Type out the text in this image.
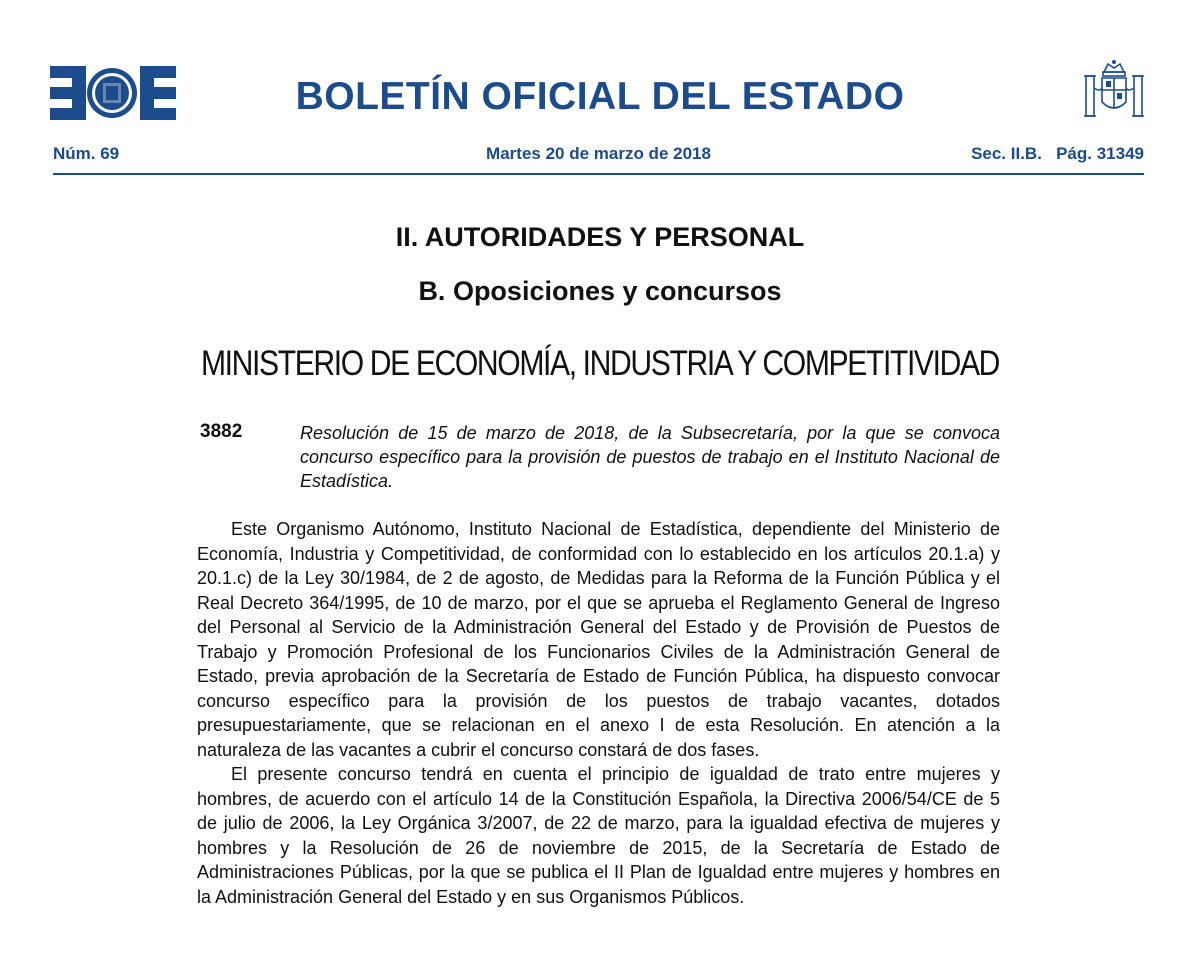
BOLETÍN OFICIAL DEL ESTADO
Núm. 69	Martes 20 de marzo de 2018	Sec. II.B.   Pág. 31349
II. AUTORIDADES Y PERSONAL
B. Oposiciones y concursos
MINISTERIO DE ECONOMÍA, INDUSTRIA Y COMPETITIVIDAD
3882	Resolución de 15 de marzo de 2018, de la Subsecretaría, por la que se convoca concurso específico para la provisión de puestos de trabajo en el Instituto Nacional de Estadística.

Este Organismo Autónomo, Instituto Nacional de Estadística, dependiente del Ministerio de Economía, Industria y Competitividad, de conformidad con lo establecido en los artículos 20.1.a) y 20.1.c) de la Ley 30/1984, de 2 de agosto, de Medidas para la Reforma de la Función Pública y el Real Decreto 364/1995, de 10 de marzo, por el que se aprueba el Reglamento General de Ingreso del Personal al Servicio de la Administración General del Estado y de Provisión de Puestos de Trabajo y Promoción Profesional de los Funcionarios Civiles de la Administración General de Estado, previa aprobación de la Secretaría de Estado de Función Pública, ha dispuesto convocar concurso específico para la provisión de los puestos de trabajo vacantes, dotados presupuestariamente, que se relacionan en el anexo I de esta Resolución. En atención a la naturaleza de las vacantes a cubrir el concurso constará de dos fases.

El presente concurso tendrá en cuenta el principio de igualdad de trato entre mujeres y hombres, de acuerdo con el artículo 14 de la Constitución Española, la Directiva 2006/54/CE de 5 de julio de 2006, la Ley Orgánica 3/2007, de 22 de marzo, para la igualdad efectiva de mujeres y hombres y la Resolución de 26 de noviembre de 2015, de la Secretaría de Estado de Administraciones Públicas, por la que se publica el II Plan de Igualdad entre mujeres y hombres en la Administración General del Estado y en sus Organismos Públicos.
